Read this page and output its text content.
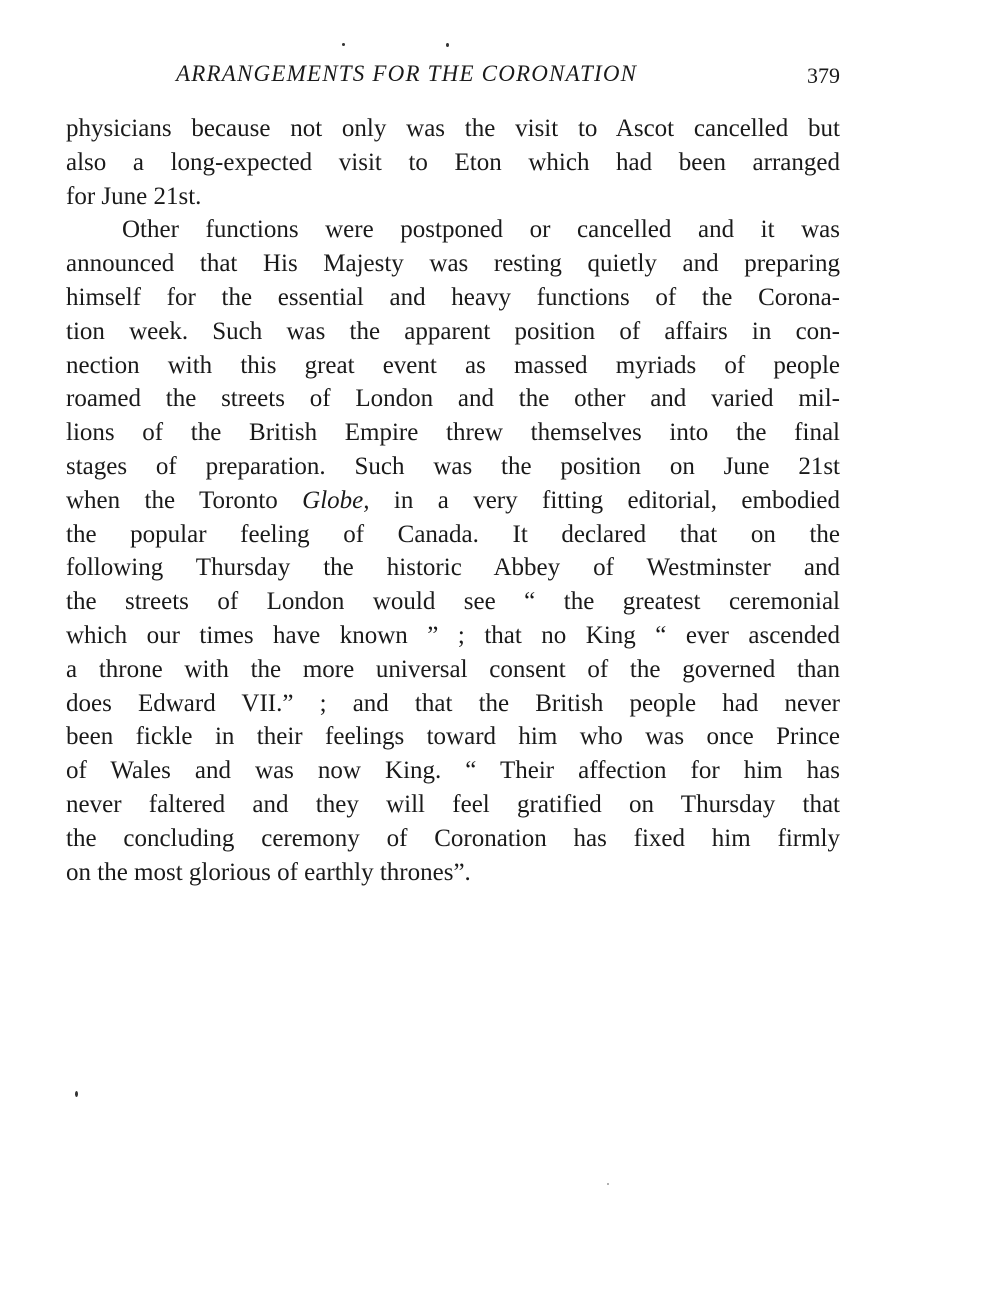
ARRANGEMENTS FOR THE CORONATION	379
physicians because not only was the visit to Ascot cancelled but
also a long-expected visit to Eton which had been arranged
for June 21st.
Other functions were postponed or cancelled and it was
announced that His Majesty was resting quietly and preparing
himself for the essential and heavy functions of the Corona-
tion week. Such was the apparent position of affairs in con-
nection with this great event as massed myriads of people
roamed the streets of London and the other and varied mil-
lions of the British Empire threw themselves into the final
stages of preparation. Such was the position on June 21st
when the Toronto Globe, in a very fitting editorial, embodied
the popular feeling of Canada. It declared that on the
following Thursday the historic Abbey of Westminster and
the streets of London would see “ the greatest ceremonial
which our times have known ” ; that no King “ ever ascended
a throne with the more universal consent of the governed than
does Edward VII.” ; and that the British people had never
been fickle in their feelings toward him who was once Prince
of Wales and was now King. “ Their affection for him has
never faltered and they will feel gratified on Thursday that
the concluding ceremony of Coronation has fixed him firmly
on the most glorious of earthly thrones”.
